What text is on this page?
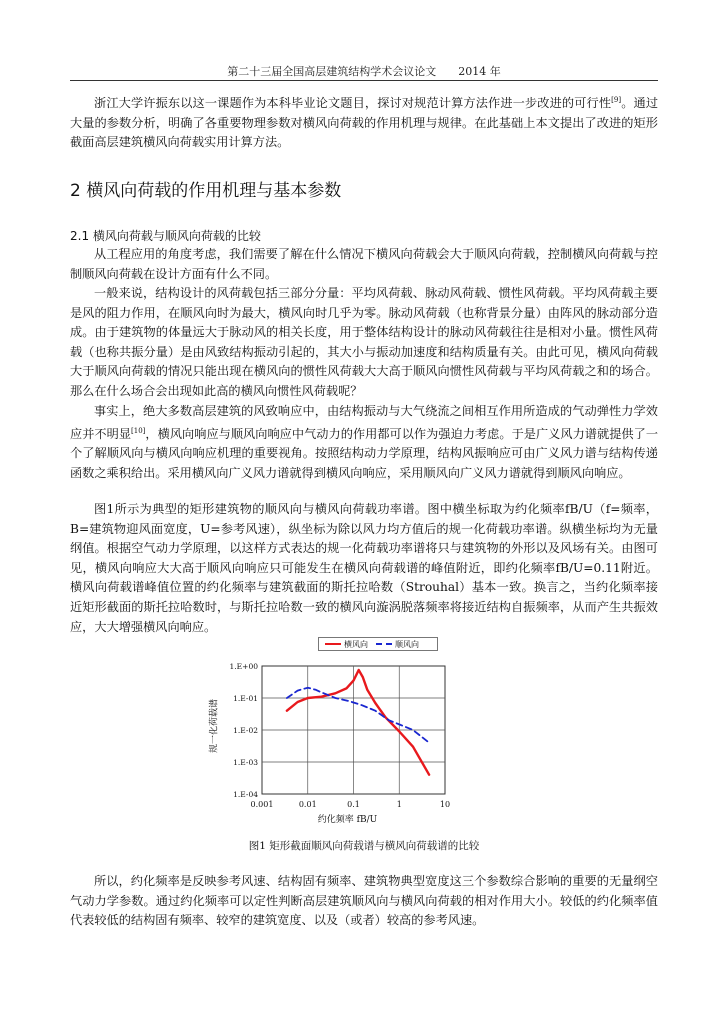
第二十三届全国高层建筑结构学术会议论文 2014 年

浙江大学许振东以这一课题作为本科毕业论文题目，探讨对规范计算方法作进一步改进的可行性[9]。通过大量的参数分析，明确了各重要物理参数对横风向荷载的作用机理与规律。在此基础上本文提出了改进的矩形截面高层建筑横风向荷载实用计算方法。

2 横风向荷载的作用机理与基本参数
2.1 横风向荷载与顺风向荷载的比较

从工程应用的角度考虑，我们需要了解在什么情况下横风向荷载会大于顺风向荷载，控制横风向荷载与控制顺风向荷载在设计方面有什么不同。

一般来说，结构设计的风荷载包括三部分分量：平均风荷载、脉动风荷载、惯性风荷载。平均风荷载主要是风的阻力作用，在顺风向时为最大，横风向时几乎为零。脉动风荷载（也称背景分量）由阵风的脉动部分造成。由于建筑物的体量远大于脉动风的相关长度，用于整体结构设计的脉动风荷载往往是相对小量。惯性风荷载（也称共振分量）是由风致结构振动引起的，其大小与振动加速度和结构质量有关。由此可见，横风向荷载大于顺风向荷载的情况只能出现在横风向的惯性风荷载大大高于顺风向惯性风荷载与平均风荷载之和的场合。那么在什么场合会出现如此高的横风向惯性风荷载呢？

事实上，绝大多数高层建筑的风致响应中，由结构振动与大气绕流之间相互作用所造成的气动弹性力学效应并不明显[10]，横风向响应与顺风向响应中气动力的作用都可以作为强迫力考虑。于是广义风力谱就提供了一个了解顺风向与横风向响应机理的重要视角。按照结构动力学原理，结构风振响应可由广义风力谱与结构传递函数之乘积给出。采用横风向广义风力谱就得到横风向响应，采用顺风向广义风力谱就得到顺风向响应。

图1所示为典型的矩形建筑物的顺风向与横风向荷载功率谱。图中横坐标取为约化频率fB/U（f=频率，B=建筑物迎风面宽度，U=参考风速），纵坐标为除以风力均方值后的规一化荷载功率谱。纵横坐标均为无量纲值。根据空气动力学原理，以这样方式表达的规一化荷载功率谱将只与建筑物的外形以及风场有关。由图可见，横风向响应大大高于顺风向响应只可能发生在横风向荷载谱的峰值附近，即约化频率fB/U=0.11附近。横风向荷载谱峰值位置的约化频率与建筑截面的斯托拉哈数（Strouhal）基本一致。换言之，当约化频率接近矩形截面的斯托拉哈数时，与斯托拉哈数一致的横风向漩涡脱落频率将接近结构自振频率，从而产生共振效应，大大增强横风向响应。

横风向	顺风向
规一化荷载谱
0.001	0.01	0.1	1	10
1.E-04
1.E-03
1.E-02
1.E-01
1.E+00
约化频率 fB/U
图1 矩形截面顺风向荷载谱与横风向荷载谱的比较

所以，约化频率是反映参考风速、结构固有频率、建筑物典型宽度这三个参数综合影响的重要的无量纲空气动力学参数。通过约化频率可以定性判断高层建筑顺风向与横风向荷载的相对作用大小。较低的约化频率值代表较低的结构固有频率、较窄的建筑宽度、以及（或者）较高的参考风速。
